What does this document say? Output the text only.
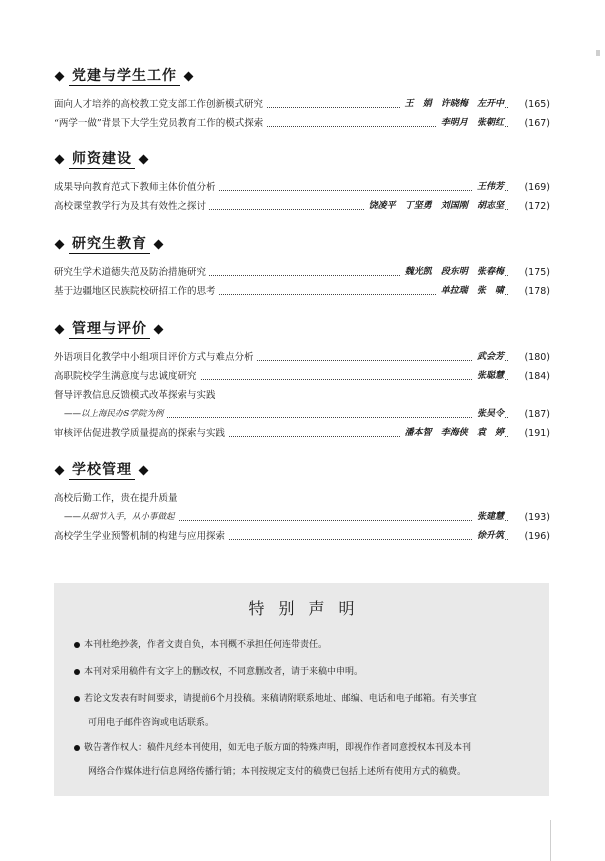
党建与学生工作
面向人才培养的高校教工党支部工作创新模式研究	王 娟 许晓梅 左开中	(165)
“两学一做”背景下大学生党员教育工作的模式探索	李明月 张朝红	(167)
师资建设
成果导向教育范式下教师主体价值分析	王伟芳	(169)
高校课堂教学行为及其有效性之探讨	饶凌平 丁坚勇 刘国刚 胡志坚	(172)
研究生教育
研究生学术道德失范及防治措施研究	魏光凯 段东明 张春梅	(175)
基于边疆地区民族院校研招工作的思考	单拉瑞 张 啸	(178)
管理与评价
外语项目化教学中小组项目评价方式与难点分析	武会芳	(180)
高职院校学生满意度与忠诚度研究	张聪慧	(184)
督导评教信息反馈模式改革探索与实践
——以上海民办S学院为例	张吴令	(187)
审核评估促进教学质量提高的探索与实践	潘本智 李海侠 袁 婷	(191)
学校管理
高校后勤工作，贵在提升质量
——从细节入手，从小事做起	张建慧	(193)
高校学生学业预警机制的构建与应用探索	徐升筑	(196)
特别声明
本刊杜绝抄袭，作者文责自负，本刊概不承担任何连带责任。
本刊对采用稿件有文字上的删改权，不同意删改者，请于来稿中申明。
若论文发表有时间要求，请提前6个月投稿。来稿请附联系地址、邮编、电话和电子邮箱。有关事宜
可用电子邮件咨询或电话联系。
敬告著作权人：稿件凡经本刊使用，如无电子版方面的特殊声明，即视作作者同意授权本刊及本刊
网络合作媒体进行信息网络传播行销；本刊按规定支付的稿费已包括上述所有使用方式的稿费。
